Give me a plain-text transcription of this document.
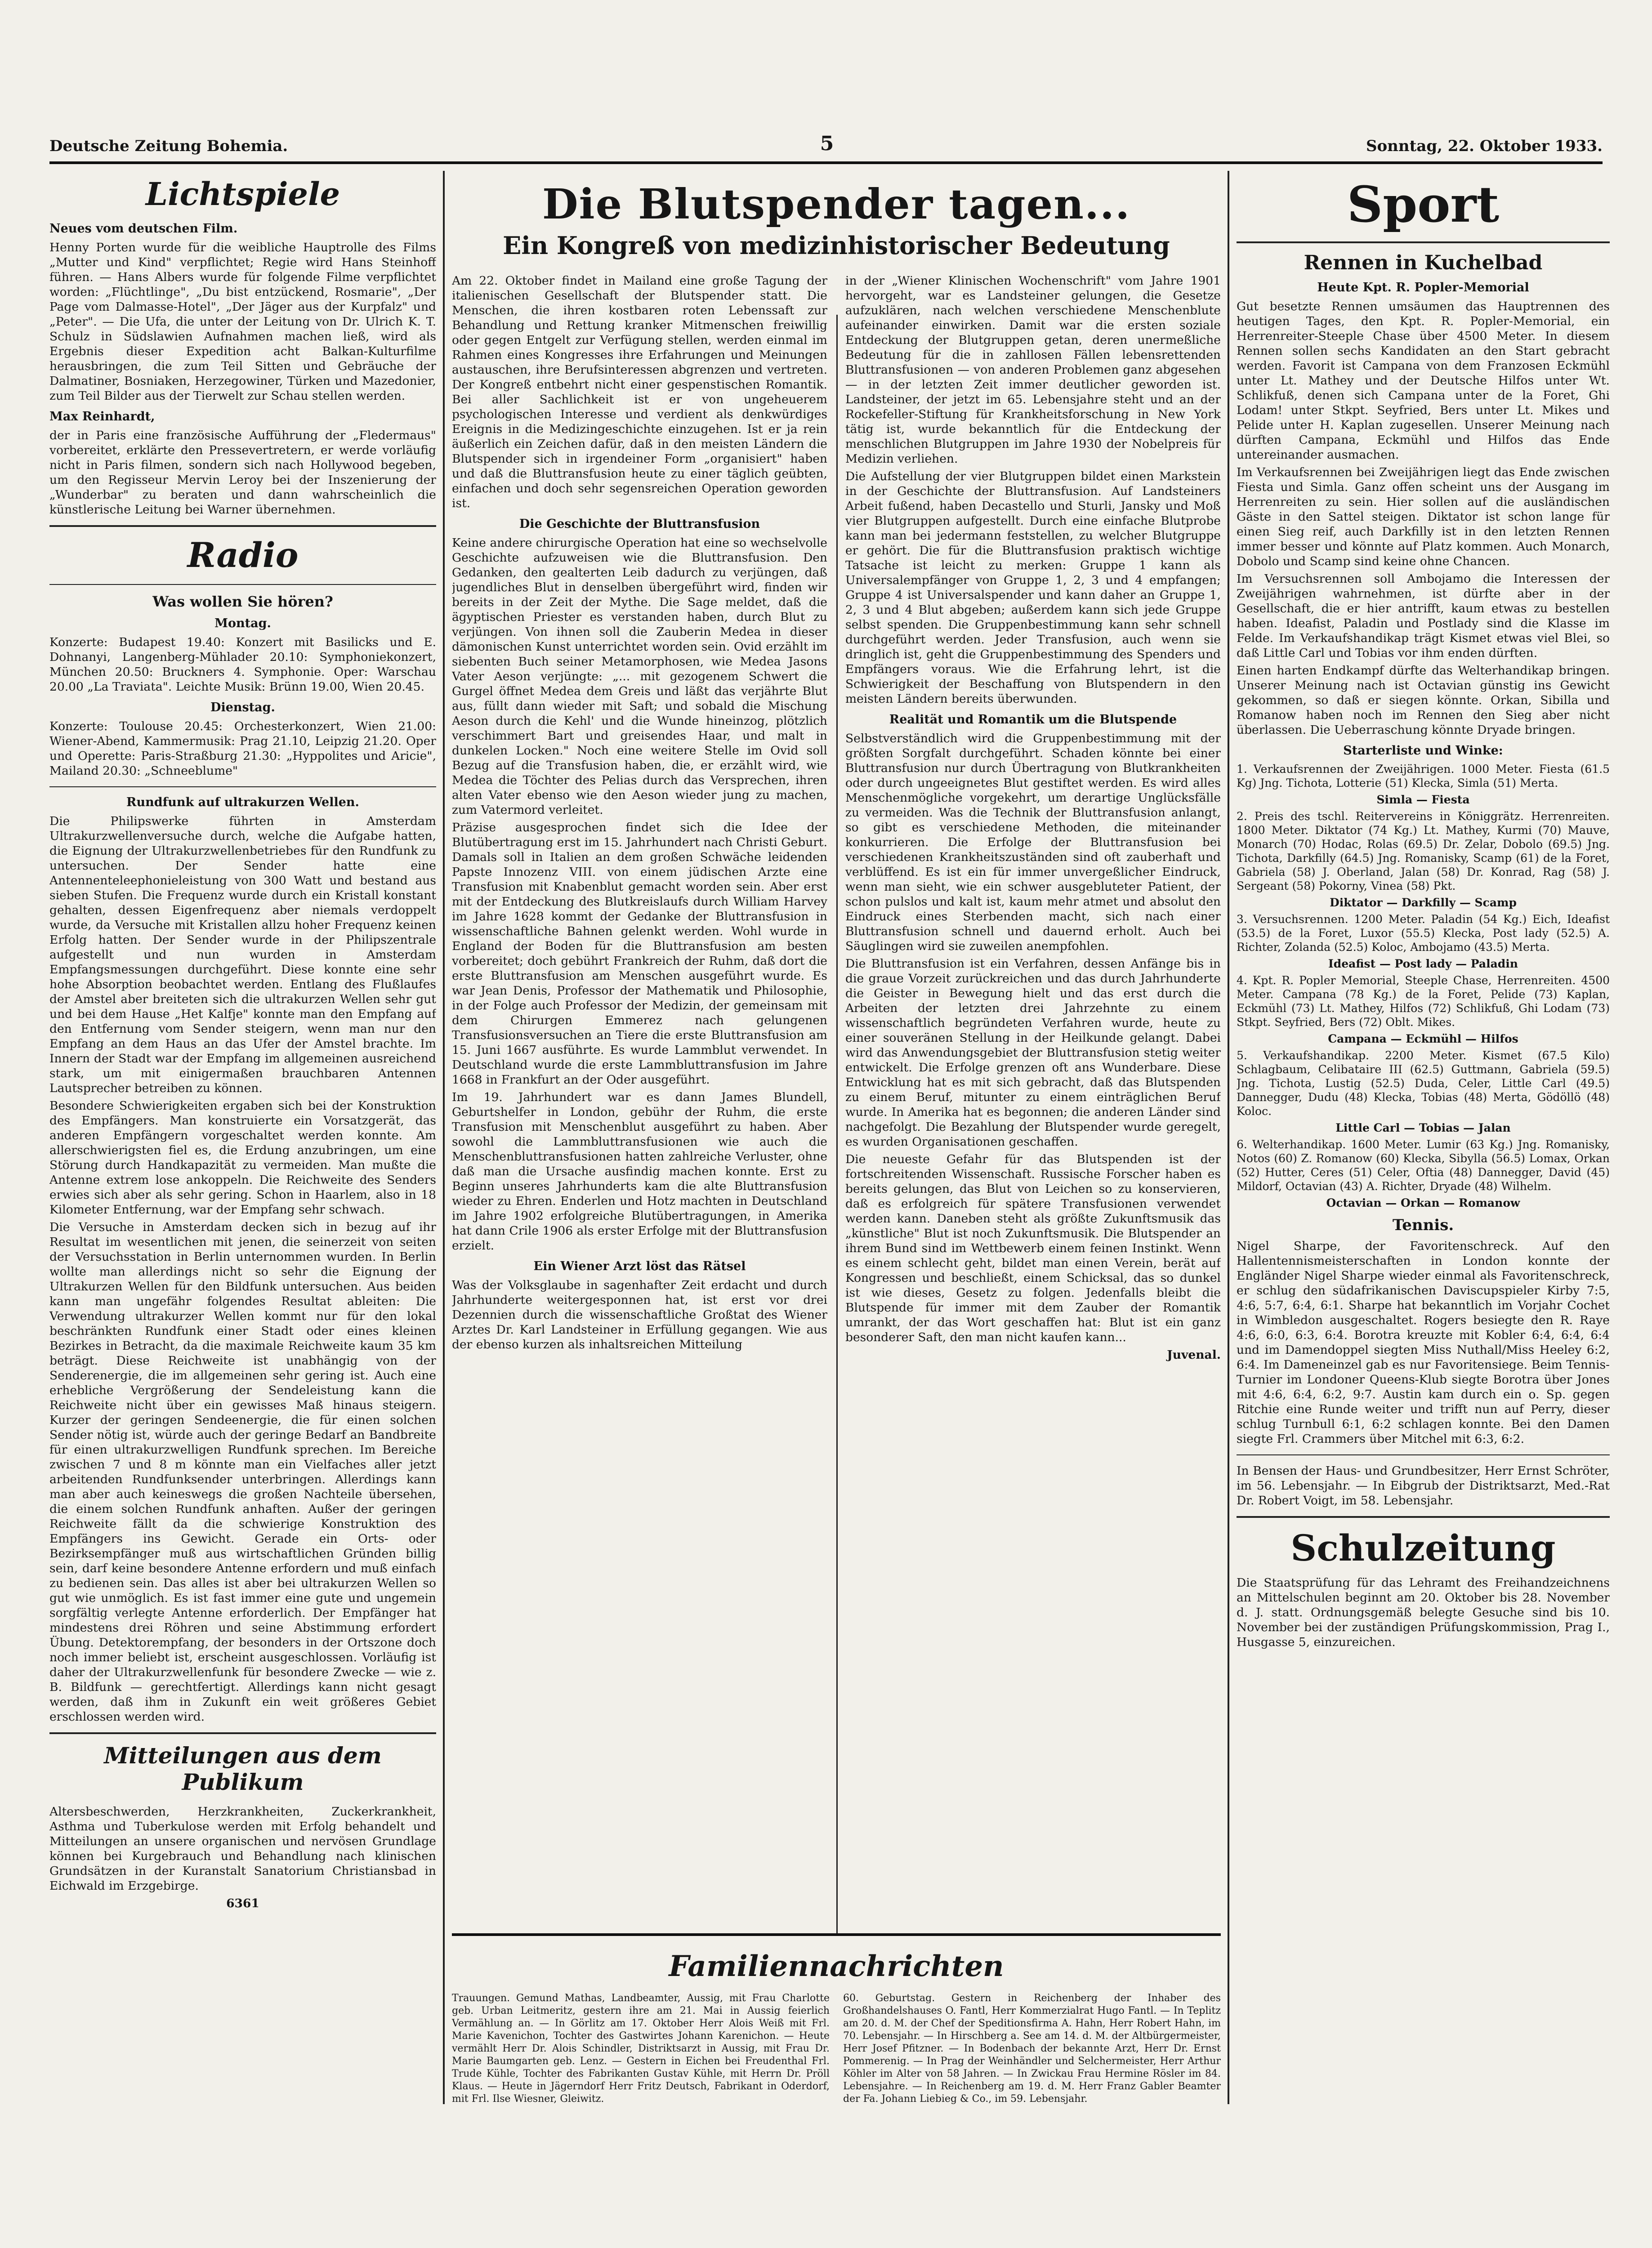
Deutsche Zeitung Bohemia.	5	Sonntag, 22. Oktober 1933.
Lichtspiele
Neues vom deutschen Film.

Henny Porten wurde für die weibliche Hauptrolle des Films „Mutter und Kind" verpflichtet; Regie wird Hans Steinhoff führen. — Hans Albers wurde für folgende Filme verpflichtet worden: „Flüchtlinge", „Du bist entzückend, Rosmarie", „Der Page vom Dalmasse-Hotel", „Der Jäger aus der Kurpfalz" und „Peter". — Die Ufa, die unter der Leitung von Dr. Ulrich K. T. Schulz in Südslawien Aufnahmen machen ließ, wird als Ergebnis dieser Expedition acht Balkan-Kulturfilme herausbringen, die zum Teil Sitten und Gebräuche der Dalmatiner, Bosniaken, Herzegowiner, Türken und Mazedonier, zum Teil Bilder aus der Tierwelt zur Schau stellen werden.

Max Reinhardt,

der in Paris eine französische Aufführung der „Fledermaus" vorbereitet, erklärte den Pressevertretern, er werde vorläufig nicht in Paris filmen, sondern sich nach Hollywood begeben, um den Regisseur Mervin Leroy bei der Inszenierung der „Wunderbar" zu beraten und dann wahrscheinlich die künstlerische Leitung bei Warner übernehmen.

Radio
Was wollen Sie hören?
Montag.

Konzerte: Budapest 19.40: Konzert mit Basilicks und E. Dohnanyi, Langenberg-Mühlader 20.10: Symphoniekonzert, München 20.50: Bruckners 4. Symphonie. Oper: Warschau 20.00 „La Traviata". Leichte Musik: Brünn 19.00, Wien 20.45.

Dienstag.

Konzerte: Toulouse 20.45: Orchesterkonzert, Wien 21.00: Wiener-Abend, Kammermusik: Prag 21.10, Leipzig 21.20. Oper und Operette: Paris-Straßburg 21.30: „Hyppolites und Aricie", Mailand 20.30: „Schneeblume"

Rundfunk auf ultrakurzen Wellen.

Die Philipswerke führten in Amsterdam Ultrakurzwellenversuche durch, welche die Aufgabe hatten, die Eignung der Ultrakurzwellenbetriebes für den Rundfunk zu untersuchen. Der Sender hatte eine Antennenteleephonieleistung von 300 Watt und bestand aus sieben Stufen. Die Frequenz wurde durch ein Kristall konstant gehalten, dessen Eigenfrequenz aber niemals verdoppelt wurde, da Versuche mit Kristallen allzu hoher Frequenz keinen Erfolg hatten. Der Sender wurde in der Philipszentrale aufgestellt und nun wurden in Amsterdam Empfangsmessungen durchgeführt. Diese konnte eine sehr hohe Absorption beobachtet werden. Entlang des Flußlaufes der Amstel aber breiteten sich die ultrakurzen Wellen sehr gut und bei dem Hause „Het Kalfje" konnte man den Empfang auf den Entfernung vom Sender steigern, wenn man nur den Empfang an dem Haus an das Ufer der Amstel brachte. Im Innern der Stadt war der Empfang im allgemeinen ausreichend stark, um mit einigermaßen brauchbaren Antennen Lautsprecher betreiben zu können.

Besondere Schwierigkeiten ergaben sich bei der Konstruktion des Empfängers. Man konstruierte ein Vorsatzgerät, das anderen Empfängern vorgeschaltet werden konnte. Am allerschwierigsten fiel es, die Erdung anzubringen, um eine Störung durch Handkapazität zu vermeiden. Man mußte die Antenne extrem lose ankoppeln. Die Reichweite des Senders erwies sich aber als sehr gering. Schon in Haarlem, also in 18 Kilometer Entfernung, war der Empfang sehr schwach.

Die Versuche in Amsterdam decken sich in bezug auf ihr Resultat im wesentlichen mit jenen, die seinerzeit von seiten der Versuchsstation in Berlin unternommen wurden. In Berlin wollte man allerdings nicht so sehr die Eignung der Ultrakurzen Wellen für den Bildfunk untersuchen. Aus beiden kann man ungefähr folgendes Resultat ableiten: Die Verwendung ultrakurzer Wellen kommt nur für den lokal beschränkten Rundfunk einer Stadt oder eines kleinen Bezirkes in Betracht, da die maximale Reichweite kaum 35 km beträgt. Diese Reichweite ist unabhängig von der Senderenergie, die im allgemeinen sehr gering ist. Auch eine erhebliche Vergrößerung der Sendeleistung kann die Reichweite nicht über ein gewisses Maß hinaus steigern. Kurzer der geringen Sendeenergie, die für einen solchen Sender nötig ist, würde auch der geringe Bedarf an Bandbreite für einen ultrakurzwelligen Rundfunk sprechen. Im Bereiche zwischen 7 und 8 m könnte man ein Vielfaches aller jetzt arbeitenden Rundfunksender unterbringen. Allerdings kann man aber auch keineswegs die großen Nachteile übersehen, die einem solchen Rundfunk anhaften. Außer der geringen Reichweite fällt da die schwierige Konstruktion des Empfängers ins Gewicht. Gerade ein Orts- oder Bezirksempfänger muß aus wirtschaftlichen Gründen billig sein, darf keine besondere Antenne erfordern und muß einfach zu bedienen sein. Das alles ist aber bei ultrakurzen Wellen so gut wie unmöglich. Es ist fast immer eine gute und ungemein sorgfältig verlegte Antenne erforderlich. Der Empfänger hat mindestens drei Röhren und seine Abstimmung erfordert Übung. Detektorempfang, der besonders in der Ortszone doch noch immer beliebt ist, erscheint ausgeschlossen. Vorläufig ist daher der Ultrakurzwellenfunk für besondere Zwecke — wie z. B. Bildfunk — gerechtfertigt. Allerdings kann nicht gesagt werden, daß ihm in Zukunft ein weit größeres Gebiet erschlossen werden wird.

Mitteilungen aus dem Publikum

Altersbeschwerden, Herzkrankheiten, Zuckerkrankheit, Asthma und Tuberkulose werden mit Erfolg behandelt und Mitteilungen an unsere organischen und nervösen Grundlage können bei Kurgebrauch und Behandlung nach klinischen Grundsätzen in der Kuranstalt Sanatorium Christiansbad in Eichwald im Erzgebirge.

6361

Die Blutspender tagen...
Ein Kongreß von medizinhistorischer Bedeutung

Am 22. Oktober findet in Mailand eine große Tagung der italienischen Gesellschaft der Blutspender statt. Die Menschen, die ihren kostbaren roten Lebenssaft zur Behandlung und Rettung kranker Mitmenschen freiwillig oder gegen Entgelt zur Verfügung stellen, werden einmal im Rahmen eines Kongresses ihre Erfahrungen und Meinungen austauschen, ihre Berufsinteressen abgrenzen und vertreten. Der Kongreß entbehrt nicht einer gespenstischen Romantik. Bei aller Sachlichkeit ist er von ungeheuerem psychologischen Interesse und verdient als denkwürdiges Ereignis in die Medizingeschichte einzugehen. Ist er ja rein äußerlich ein Zeichen dafür, daß in den meisten Ländern die Blutspender sich in irgendeiner Form „organisiert" haben und daß die Bluttransfusion heute zu einer täglich geübten, einfachen und doch sehr segensreichen Operation geworden ist.

Die Geschichte der Bluttransfusion

Keine andere chirurgische Operation hat eine so wechselvolle Geschichte aufzuweisen wie die Bluttransfusion. Den Gedanken, den gealterten Leib dadurch zu verjüngen, daß jugendliches Blut in denselben übergeführt wird, finden wir bereits in der Zeit der Mythe. Die Sage meldet, daß die ägyptischen Priester es verstanden haben, durch Blut zu verjüngen. Von ihnen soll die Zauberin Medea in dieser dämonischen Kunst unterrichtet worden sein. Ovid erzählt im siebenten Buch seiner Metamorphosen, wie Medea Jasons Vater Aeson verjüngte: „... mit gezogenem Schwert die Gurgel öffnet Medea dem Greis und läßt das verjährte Blut aus, füllt dann wieder mit Saft; und sobald die Mischung Aeson durch die Kehl' und die Wunde hineinzog, plötzlich verschimmert Bart und greisendes Haar, und malt in dunkelen Locken." Noch eine weitere Stelle im Ovid soll Bezug auf die Transfusion haben, die, er erzählt wird, wie Medea die Töchter des Pelias durch das Versprechen, ihren alten Vater ebenso wie den Aeson wieder jung zu machen, zum Vatermord verleitet.

Präzise ausgesprochen findet sich die Idee der Blutübertragung erst im 15. Jahrhundert nach Christi Geburt. Damals soll in Italien an dem großen Schwäche leidenden Papste Innozenz VIII. von einem jüdischen Arzte eine Transfusion mit Knabenblut gemacht worden sein. Aber erst mit der Entdeckung des Blutkreislaufs durch William Harvey im Jahre 1628 kommt der Gedanke der Bluttransfusion in wissenschaftliche Bahnen gelenkt werden. Wohl wurde in England der Boden für die Bluttransfusion am besten vorbereitet; doch gebührt Frankreich der Ruhm, daß dort die erste Bluttransfusion am Menschen ausgeführt wurde. Es war Jean Denis, Professor der Mathematik und Philosophie, in der Folge auch Professor der Medizin, der gemeinsam mit dem Chirurgen Emmerez nach gelungenen Transfusionsversuchen an Tiere die erste Bluttransfusion am 15. Juni 1667 ausführte. Es wurde Lammblut verwendet. In Deutschland wurde die erste Lammbluttransfusion im Jahre 1668 in Frankfurt an der Oder ausgeführt.

Im 19. Jahrhundert war es dann James Blundell, Geburtshelfer in London, gebühr der Ruhm, die erste Transfusion mit Menschenblut ausgeführt zu haben. Aber sowohl die Lammbluttransfusionen wie auch die Menschenbluttransfusionen hatten zahlreiche Verluster, ohne daß man die Ursache ausfindig machen konnte. Erst zu Beginn unseres Jahrhunderts kam die alte Bluttransfusion wieder zu Ehren. Enderlen und Hotz machten in Deutschland im Jahre 1902 erfolgreiche Blutübertragungen, in Amerika hat dann Crile 1906 als erster Erfolge mit der Bluttransfusion erzielt.

Ein Wiener Arzt löst das Rätsel

Was der Volksglaube in sagenhafter Zeit erdacht und durch Jahrhunderte weitergesponnen hat, ist erst vor drei Dezennien durch die wissenschaftliche Großtat des Wiener Arztes Dr. Karl Landsteiner in Erfüllung gegangen. Wie aus der ebenso kurzen als inhaltsreichen Mitteilung

in der „Wiener Klinischen Wochenschrift" vom Jahre 1901 hervorgeht, war es Landsteiner gelungen, die Gesetze aufzuklären, nach welchen verschiedene Menschenblute aufeinander einwirken. Damit war die ersten soziale Entdeckung der Blutgruppen getan, deren unermeßliche Bedeutung für die in zahllosen Fällen lebensrettenden Bluttransfusionen — von anderen Problemen ganz abgesehen — in der letzten Zeit immer deutlicher geworden ist. Landsteiner, der jetzt im 65. Lebensjahre steht und an der Rockefeller-Stiftung für Krankheitsforschung in New York tätig ist, wurde bekanntlich für die Entdeckung der menschlichen Blutgruppen im Jahre 1930 der Nobelpreis für Medizin verliehen.

Die Aufstellung der vier Blutgruppen bildet einen Markstein in der Geschichte der Bluttransfusion. Auf Landsteiners Arbeit fußend, haben Decastello und Sturli, Jansky und Moß vier Blutgruppen aufgestellt. Durch eine einfache Blutprobe kann man bei jedermann feststellen, zu welcher Blutgruppe er gehört. Die für die Bluttransfusion praktisch wichtige Tatsache ist leicht zu merken: Gruppe 1 kann als Universalempfänger von Gruppe 1, 2, 3 und 4 empfangen; Gruppe 4 ist Universalspender und kann daher an Gruppe 1, 2, 3 und 4 Blut abgeben; außerdem kann sich jede Gruppe selbst spenden. Die Gruppenbestimmung kann sehr schnell durchgeführt werden. Jeder Transfusion, auch wenn sie dringlich ist, geht die Gruppenbestimmung des Spenders und Empfängers voraus. Wie die Erfahrung lehrt, ist die Schwierigkeit der Beschaffung von Blutspendern in den meisten Ländern bereits überwunden.

Realität und Romantik um die Blutspende

Selbstverständlich wird die Gruppenbestimmung mit der größten Sorgfalt durchgeführt. Schaden könnte bei einer Bluttransfusion nur durch Übertragung von Blutkrankheiten oder durch ungeeignetes Blut gestiftet werden. Es wird alles Menschenmögliche vorgekehrt, um derartige Unglücksfälle zu vermeiden. Was die Technik der Bluttransfusion anlangt, so gibt es verschiedene Methoden, die miteinander konkurrieren. Die Erfolge der Bluttransfusion bei verschiedenen Krankheitszuständen sind oft zauberhaft und verblüffend. Es ist ein für immer unvergeßlicher Eindruck, wenn man sieht, wie ein schwer ausgebluteter Patient, der schon pulslos und kalt ist, kaum mehr atmet und absolut den Eindruck eines Sterbenden macht, sich nach einer Bluttransfusion schnell und dauernd erholt. Auch bei Säuglingen wird sie zuweilen anempfohlen.

Die Bluttransfusion ist ein Verfahren, dessen Anfänge bis in die graue Vorzeit zurückreichen und das durch Jahrhunderte die Geister in Bewegung hielt und das erst durch die Arbeiten der letzten drei Jahrzehnte zu einem wissenschaftlich begründeten Verfahren wurde, heute zu einer souveränen Stellung in der Heilkunde gelangt. Dabei wird das Anwendungsgebiet der Bluttransfusion stetig weiter entwickelt. Die Erfolge grenzen oft ans Wunderbare. Diese Entwicklung hat es mit sich gebracht, daß das Blutspenden zu einem Beruf, mitunter zu einem einträglichen Beruf wurde. In Amerika hat es begonnen; die anderen Länder sind nachgefolgt. Die Bezahlung der Blutspender wurde geregelt, es wurden Organisationen geschaffen.

Die neueste Gefahr für das Blutspenden ist der fortschreitenden Wissenschaft. Russische Forscher haben es bereits gelungen, das Blut von Leichen so zu konservieren, daß es erfolgreich für spätere Transfusionen verwendet werden kann. Daneben steht als größte Zukunftsmusik das „künstliche" Blut ist noch Zukunftsmusik. Die Blutspender an ihrem Bund sind im Wettbewerb einem feinen Instinkt. Wenn es einem schlecht geht, bildet man einen Verein, berät auf Kongressen und beschließt, einem Schicksal, das so dunkel ist wie dieses, Gesetz zu folgen. Jedenfalls bleibt die Blutspende für immer mit dem Zauber der Romantik umrankt, der das Wort geschaffen hat: Blut ist ein ganz besonderer Saft, den man nicht kaufen kann...

Juvenal.

Familiennachrichten

Trauungen. Gemund Mathas, Landbeamter, Aussig, mit Frau Charlotte geb. Urban Leitmeritz, gestern ihre am 21. Mai in Aussig feierlich Vermählung an. — In Görlitz am 17. Oktober Herr Alois Weiß mit Frl. Marie Kavenichon, Tochter des Gastwirtes Johann Karenichon. — Heute vermählt Herr Dr. Alois Schindler, Distriktsarzt in Aussig, mit Frau Dr. Marie Baumgarten geb. Lenz. — Gestern in Eichen bei Freudenthal Frl. Trude Kühle, Tochter des Fabrikanten Gustav Kühle, mit Herrn Dr. Pröll Klaus. — Heute in Jägerndorf Herr Fritz Deutsch, Fabrikant in Oderdorf, mit Frl. Ilse Wiesner, Gleiwitz.

60. Geburtstag. Gestern in Reichenberg der Inhaber des Großhandelshauses O. Fantl, Herr Kommerzialrat Hugo Fantl. — In Teplitz am 20. d. M. der Chef der Speditionsfirma A. Hahn, Herr Robert Hahn, im 70. Lebensjahr. — In Hirschberg a. See am 14. d. M. der Altbürgermeister, Herr Josef Pfitzner. — In Bodenbach der bekannte Arzt, Herr Dr. Ernst Pommerenig. — In Prag der Weinhändler und Selchermeister, Herr Arthur Köhler im Alter von 58 Jahren. — In Zwickau Frau Hermine Rösler im 84. Lebensjahre. — In Reichenberg am 19. d. M. Herr Franz Gabler Beamter der Fa. Johann Liebieg & Co., im 59. Lebensjahr.

Sport
Rennen in Kuchelbad
Heute Kpt. R. Popler-Memorial

Gut besetzte Rennen umsäumen das Hauptrennen des heutigen Tages, den Kpt. R. Popler-Memorial, ein Herrenreiter-Steeple Chase über 4500 Meter. In diesem Rennen sollen sechs Kandidaten an den Start gebracht werden. Favorit ist Campana von dem Franzosen Eckmühl unter Lt. Mathey und der Deutsche Hilfos unter Wt. Schlikfuß, denen sich Campana unter de la Foret, Ghi Lodam! unter Stkpt. Seyfried, Bers unter Lt. Mikes und Pelide unter H. Kaplan zugesellen. Unserer Meinung nach dürften Campana, Eckmühl und Hilfos das Ende untereinander ausmachen.

Im Verkaufsrennen bei Zweijährigen liegt das Ende zwischen Fiesta und Simla. Ganz offen scheint uns der Ausgang im Herrenreiten zu sein. Hier sollen auf die ausländischen Gäste in den Sattel steigen. Diktator ist schon lange für einen Sieg reif, auch Darkfilly ist in den letzten Rennen immer besser und könnte auf Platz kommen. Auch Monarch, Dobolo und Scamp sind keine ohne Chancen.

Im Versuchsrennen soll Ambojamo die Interessen der Zweijährigen wahrnehmen, ist dürfte aber in der Gesellschaft, die er hier antrifft, kaum etwas zu bestellen haben. Ideafist, Paladin und Postlady sind die Klasse im Felde. Im Verkaufshandikap trägt Kismet etwas viel Blei, so daß Little Carl und Tobias vor ihm enden dürften.

Einen harten Endkampf dürfte das Welterhandikap bringen. Unserer Meinung nach ist Octavian günstig ins Gewicht gekommen, so daß er siegen könnte. Orkan, Sibilla und Romanow haben noch im Rennen den Sieg aber nicht überlassen. Die Ueberraschung könnte Dryade bringen.

Starterliste und Winke:

1. Verkaufsrennen der Zweijährigen. 1000 Meter. Fiesta (61.5 Kg) Jng. Tichota, Lotterie (51) Klecka, Simla (51) Merta.

Simla — Fiesta

2. Preis des tschl. Reitervereins in Königgrätz. Herrenreiten. 1800 Meter. Diktator (74 Kg.) Lt. Mathey, Kurmi (70) Mauve, Monarch (70) Hodac, Rolas (69.5) Dr. Zelar, Dobolo (69.5) Jng. Tichota, Darkfilly (64.5) Jng. Romanisky, Scamp (61) de la Foret, Gabriela (58) J. Oberland, Jalan (58) Dr. Konrad, Rag (58) J. Sergeant (58) Pokorny, Vinea (58) Pkt.

Diktator — Darkfilly — Scamp

3. Versuchsrennen. 1200 Meter. Paladin (54 Kg.) Eich, Ideafist (53.5) de la Foret, Luxor (55.5) Klecka, Post lady (52.5) A. Richter, Zolanda (52.5) Koloc, Ambojamo (43.5) Merta.

Ideafist — Post lady — Paladin

4. Kpt. R. Popler Memorial, Steeple Chase, Herrenreiten. 4500 Meter. Campana (78 Kg.) de la Foret, Pelide (73) Kaplan, Eckmühl (73) Lt. Mathey, Hilfos (72) Schlikfuß, Ghi Lodam (73) Stkpt. Seyfried, Bers (72) Oblt. Mikes.

Campana — Eckmühl — Hilfos

5. Verkaufshandikap. 2200 Meter. Kismet (67.5 Kilo) Schlagbaum, Celibataire III (62.5) Guttmann, Gabriela (59.5) Jng. Tichota, Lustig (52.5) Duda, Celer, Little Carl (49.5) Dannegger, Dudu (48) Klecka, Tobias (48) Merta, Gödöllö (48) Koloc.

Little Carl — Tobias — Jalan

6. Welterhandikap. 1600 Meter. Lumir (63 Kg.) Jng. Romanisky, Notos (60) Z. Romanow (60) Klecka, Sibylla (56.5) Lomax, Orkan (52) Hutter, Ceres (51) Celer, Oftia (48) Dannegger, David (45) Mildorf, Octavian (43) A. Richter, Dryade (48) Wilhelm.

Octavian — Orkan — Romanow

Tennis.

Nigel Sharpe, der Favoritenschreck. Auf den Hallentennismeisterschaften in London konnte der Engländer Nigel Sharpe wieder einmal als Favoritenschreck, er schlug den südafrikanischen Daviscupspieler Kirby 7:5, 4:6, 5:7, 6:4, 6:1. Sharpe hat bekanntlich im Vorjahr Cochet in Wimbledon ausgeschaltet. Rogers besiegte den R. Raye 4:6, 6:0, 6:3, 6:4. Borotra kreuzte mit Kobler 6:4, 6:4, 6:4 und im Damendoppel siegten Miss Nuthall/Miss Heeley 6:2, 6:4. Im Dameneinzel gab es nur Favoritensiege. Beim Tennis-Turnier im Londoner Queens-Klub siegte Borotra über Jones mit 4:6, 6:4, 6:2, 9:7. Austin kam durch ein o. Sp. gegen Ritchie eine Runde weiter und trifft nun auf Perry, dieser schlug Turnbull 6:1, 6:2 schlagen konnte. Bei den Damen siegte Frl. Crammers über Mitchel mit 6:3, 6:2.

In Bensen der Haus- und Grundbesitzer, Herr Ernst Schröter, im 56. Lebensjahr. — In Eibgrub der Distriktsarzt, Med.-Rat Dr. Robert Voigt, im 58. Lebensjahr.

Schulzeitung

Die Staatsprüfung für das Lehramt des Freihandzeichnens an Mittelschulen beginnt am 20. Oktober bis 28. November d. J. statt. Ordnungsgemäß belegte Gesuche sind bis 10. November bei der zuständigen Prüfungskommission, Prag I., Husgasse 5, einzureichen.
